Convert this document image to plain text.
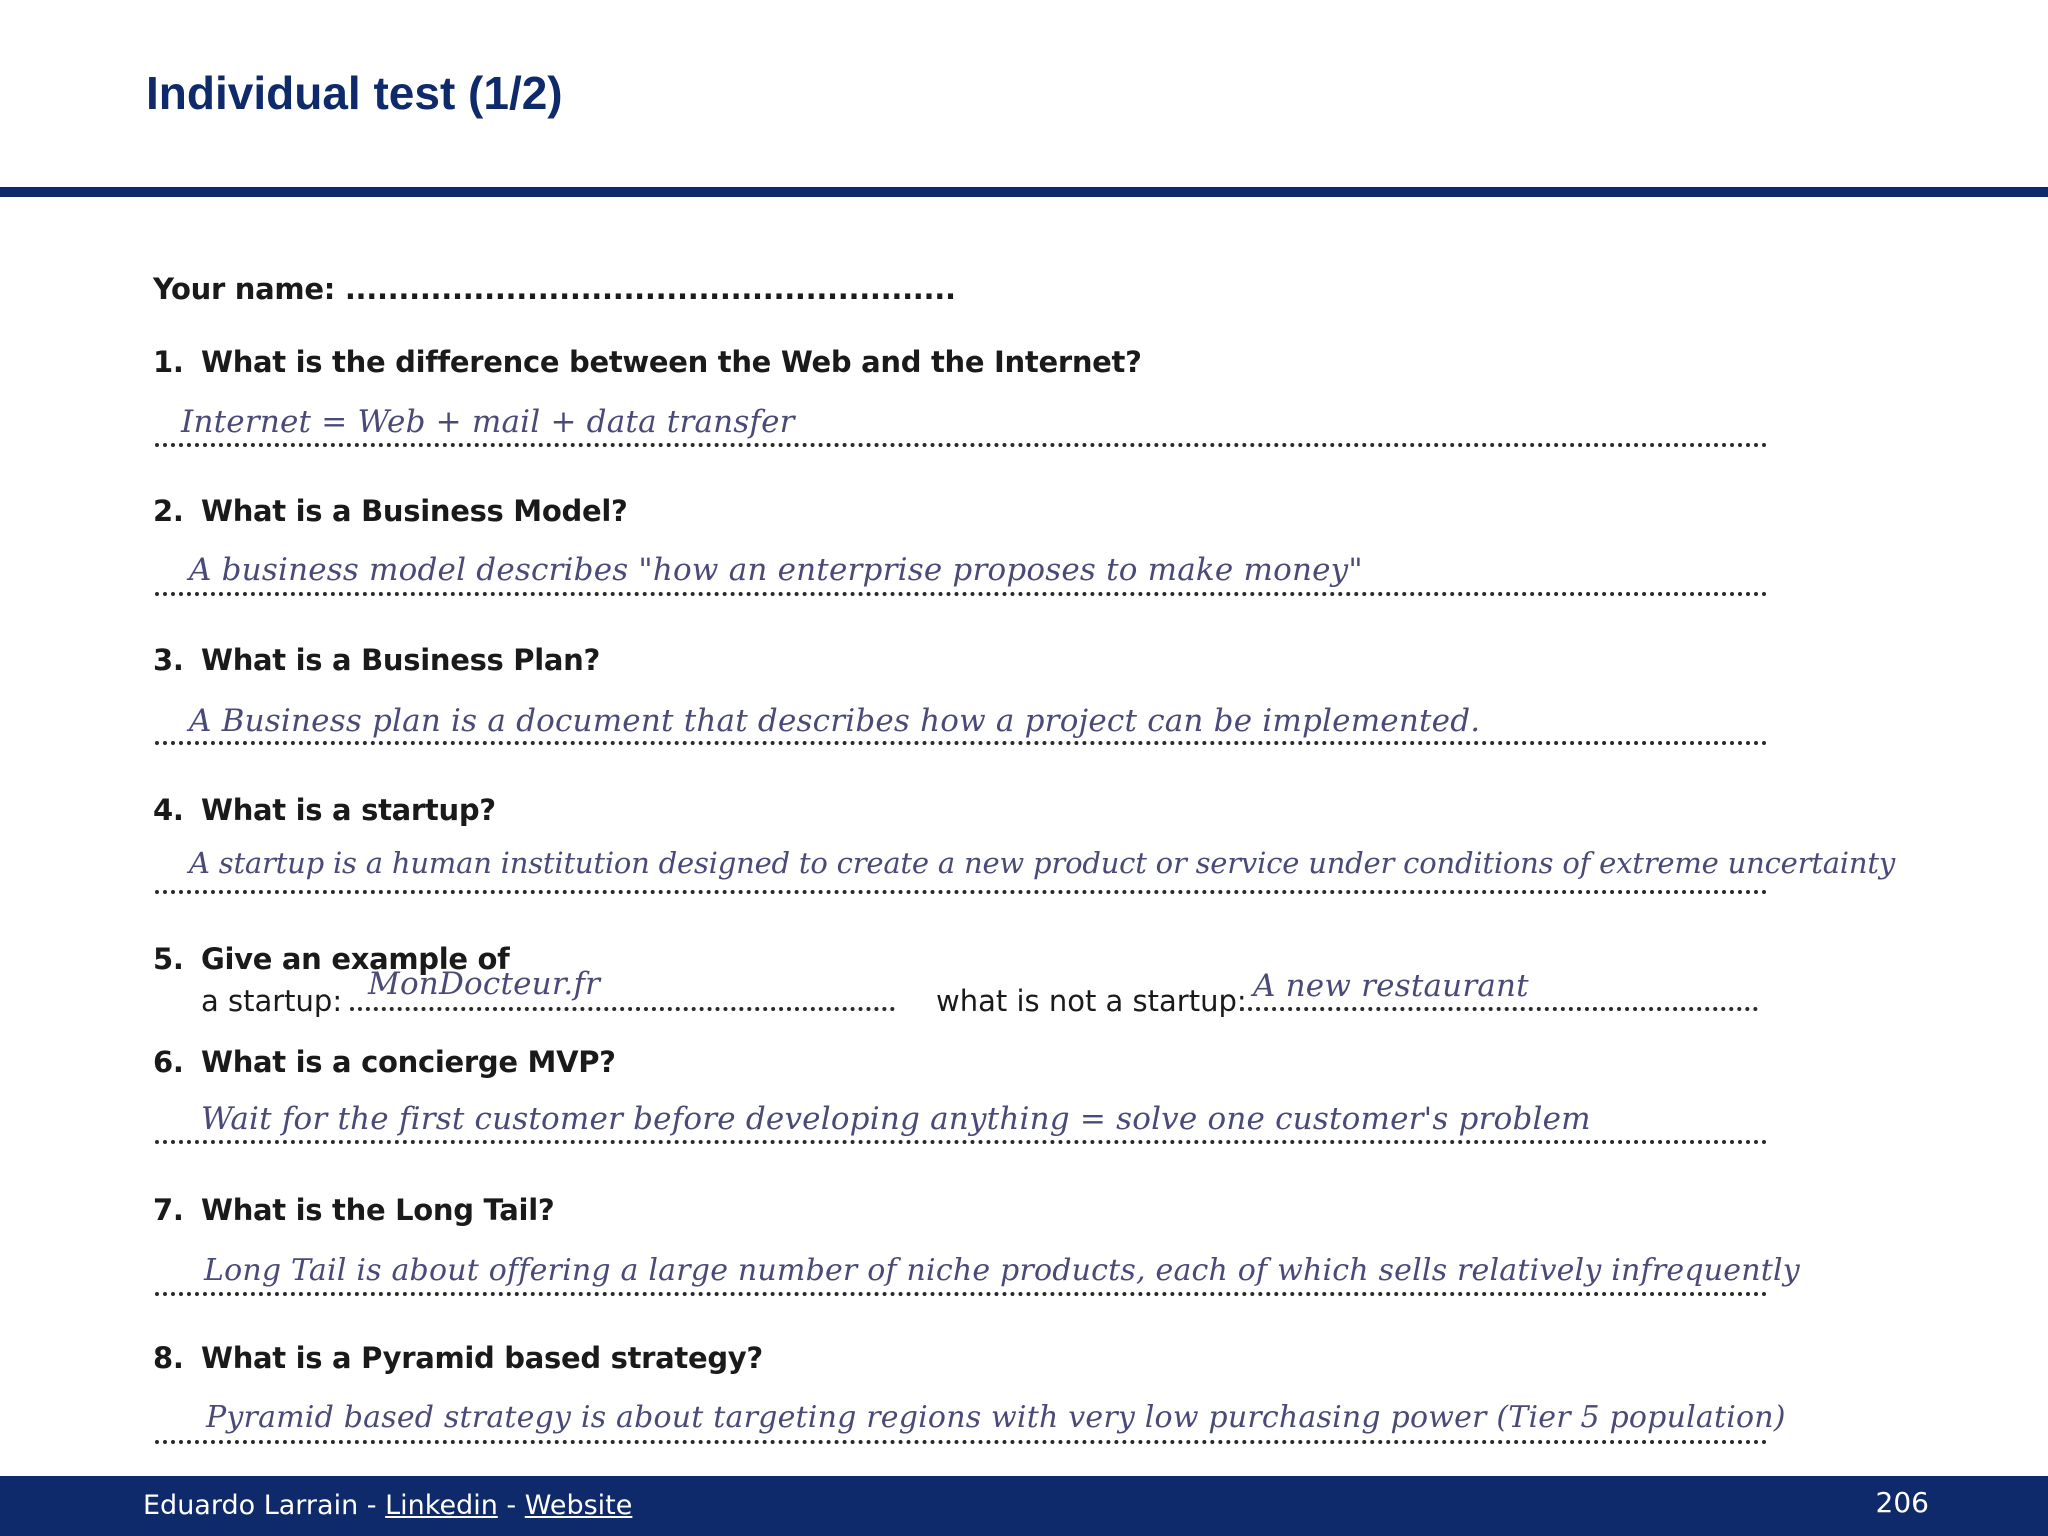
Individual test (1/2)
Your name: .........................................................
1. What is the difference between the Web and the Internet?
Internet = Web + mail + data transfer
2. What is a Business Model?
A business model describes "how an enterprise proposes to make money"
3. What is a Business Plan?
A Business plan is a document that describes how a project can be implemented.
4. What is a startup?
A startup is a human institution designed to create a new product or service under conditions of extreme uncertainty
5. Give an example of
a startup: MonDocteur.fr	what is not a startup: A new restaurant
6. What is a concierge MVP?
Wait for the first customer before developing anything = solve one customer's problem
7. What is the Long Tail?
Long Tail is about offering a large number of niche products, each of which sells relatively infrequently
8. What is a Pyramid based strategy?
Pyramid based strategy is about targeting regions with very low purchasing power (Tier 5 population)
Eduardo Larrain - Linkedin - Website	206
